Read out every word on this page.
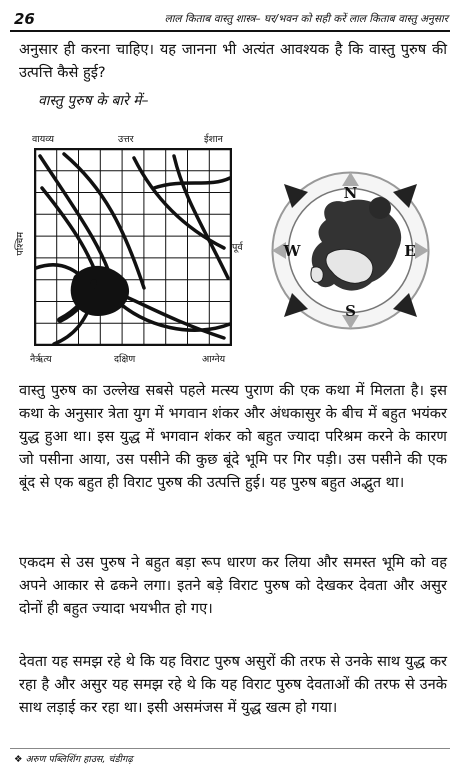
26	लाल किताब वास्तु शास्त्र– घर/भवन को सही करें लाल किताब वास्तु अनुसार

अनुसार ही करना चाहिए। यह जानना भी अत्यंत आवश्यक है कि वास्तु पुरुष की उत्पत्ति कैसे हुई?

वास्तु पुरुष के बारे में–

वायव्य	उत्तर	ईशान
पश्चिम	पूर्व
नैर्ऋत्य	दक्षिण	आग्नेय
N
S
W	E

वास्तु पुरुष का उल्लेख सबसे पहले मत्स्य पुराण की एक कथा में मिलता है। इस कथा के अनुसार त्रेता युग में भगवान शंकर और अंधकासुर के बीच में बहुत भयंकर युद्ध हुआ था। इस युद्ध में भगवान शंकर को बहुत ज्यादा परिश्रम करने के कारण जो पसीना आया, उस पसीने की कुछ बूंदे भूमि पर गिर पड़ी। उस पसीने की एक बूंद से एक बहुत ही विराट पुरुष की उत्पत्ति हुई। यह पुरुष बहुत अद्भुत था।

एकदम से उस पुरुष ने बहुत बड़ा रूप धारण कर लिया और समस्त भूमि को वह अपने आकार से ढकने लगा। इतने बड़े विराट पुरुष को देखकर देवता और असुर दोनों ही बहुत ज्यादा भयभीत हो गए।

देवता यह समझ रहे थे कि यह विराट पुरुष असुरों की तरफ से उनके साथ युद्ध कर रहा है और असुर यह समझ रहे थे कि यह विराट पुरुष देवताओं की तरफ से उनके साथ लड़ाई कर रहा था। इसी असमंजस में युद्ध खत्म हो गया।

❖ अरुण पब्लिशिंग हाउस, चंडीगढ़
